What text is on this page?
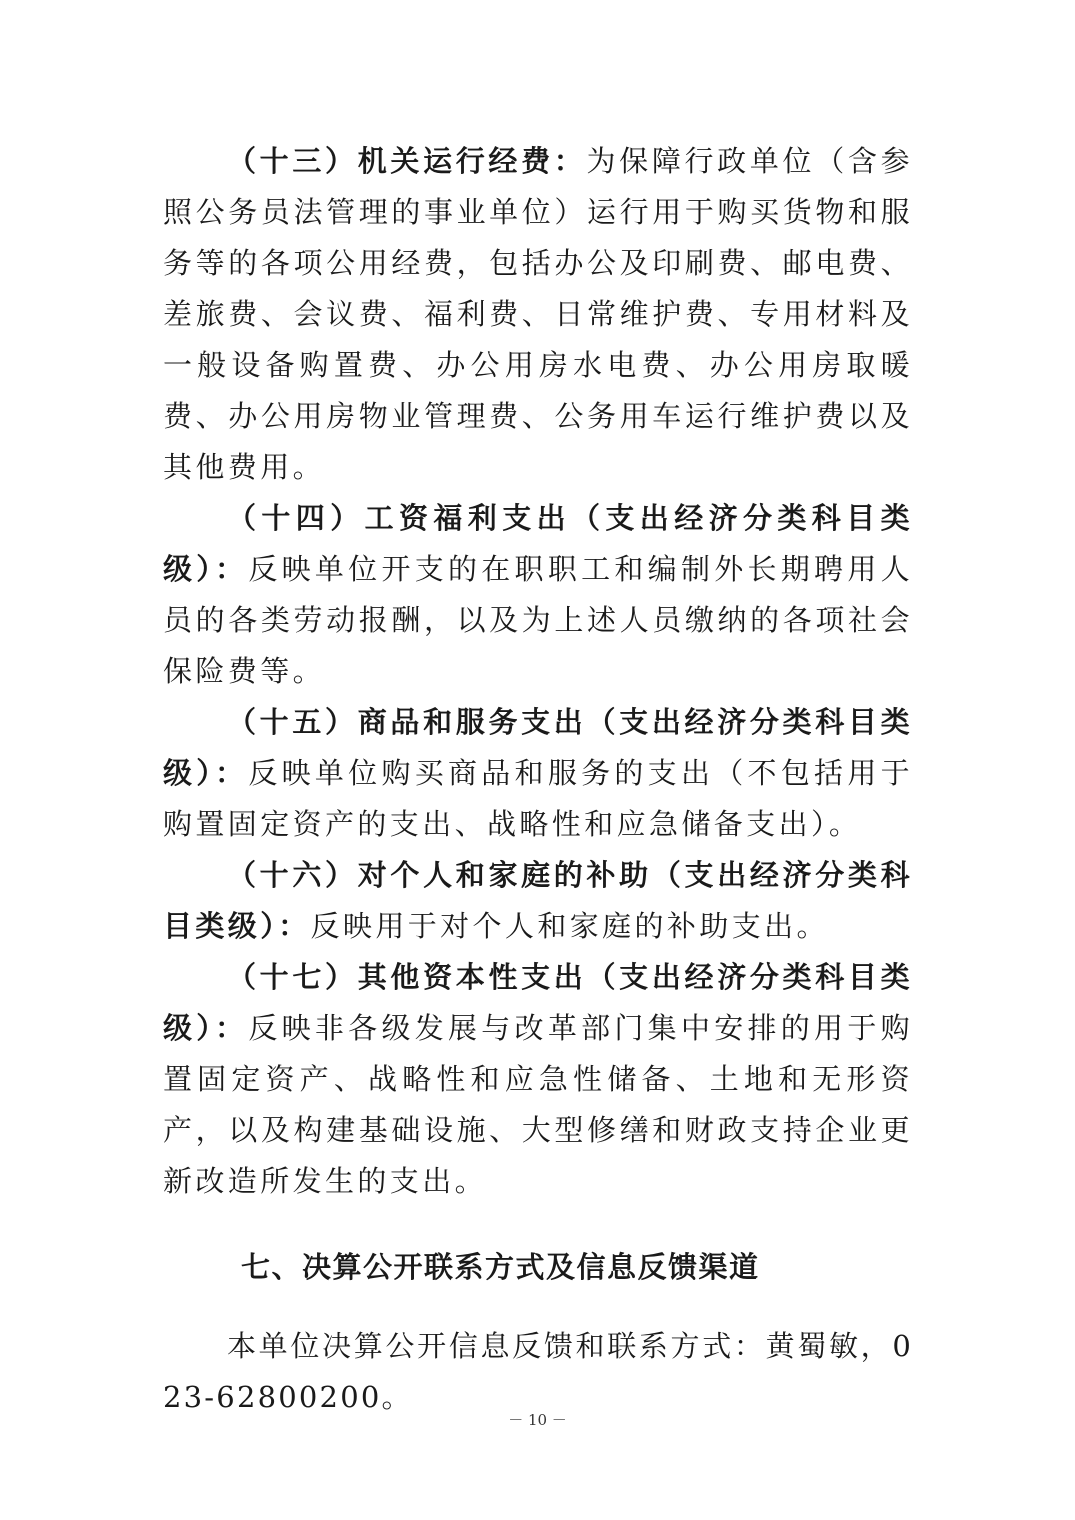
（十三）机关运行经费：为保障行政单位（含参照公务员法管理的事业单位）运行用于购买货物和服务等的各项公用经费，包括办公及印刷费、邮电费、差旅费、会议费、福利费、日常维护费、专用材料及一般设备购置费、办公用房水电费、办公用房取暖费、办公用房物业管理费、公务用车运行维护费以及其他费用。

（十四）工资福利支出（支出经济分类科目类级）：反映单位开支的在职职工和编制外长期聘用人员的各类劳动报酬，以及为上述人员缴纳的各项社会保险费等。

（十五）商品和服务支出（支出经济分类科目类级）：反映单位购买商品和服务的支出（不包括用于购置固定资产的支出、战略性和应急储备支出）。

（十六）对个人和家庭的补助（支出经济分类科目类级）：反映用于对个人和家庭的补助支出。

（十七）其他资本性支出（支出经济分类科目类级）：反映非各级发展与改革部门集中安排的用于购置固定资产、战略性和应急性储备、土地和无形资产，以及构建基础设施、大型修缮和财政支持企业更新改造所发生的支出。

七、决算公开联系方式及信息反馈渠道

本单位决算公开信息反馈和联系方式：黄蜀敏，023-62800200。

－ 10 －
